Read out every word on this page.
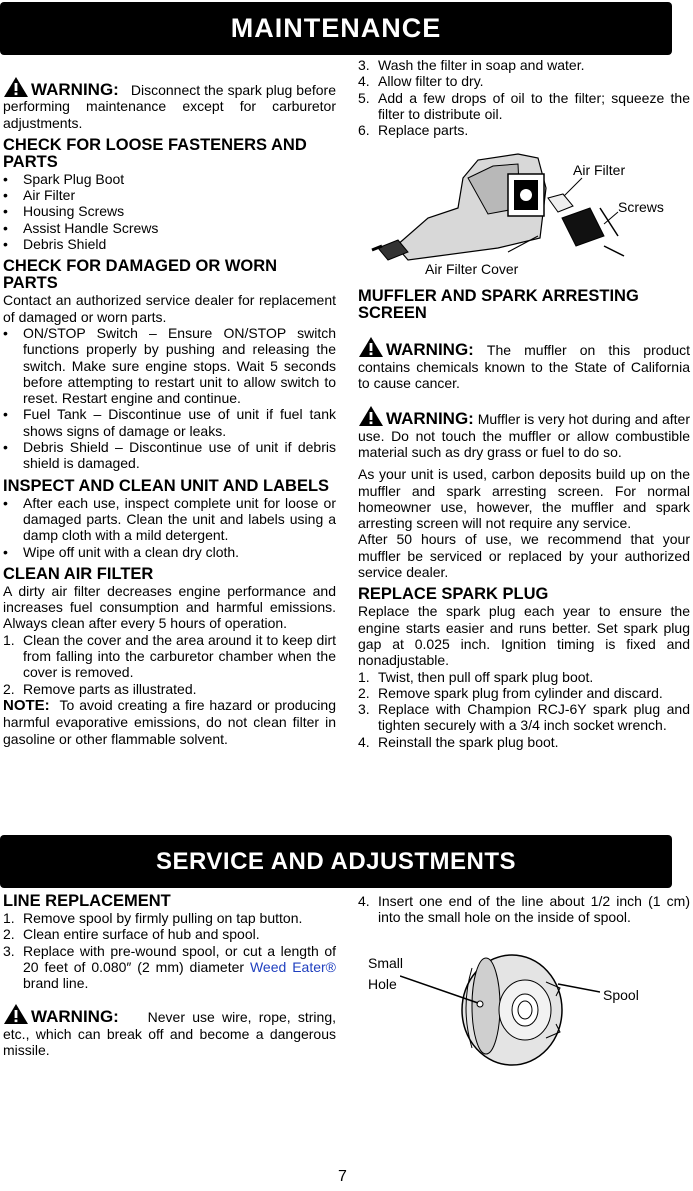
MAINTENANCE

WARNING: Disconnect the spark plug before performing maintenance except for carburetor adjustments.

CHECK FOR LOOSE FASTENERS AND PARTS
• Spark Plug Boot
• Air Filter
• Housing Screws
• Assist Handle Screws
• Debris Shield
CHECK FOR DAMAGED OR WORN PARTS

Contact an authorized service dealer for replacement of damaged or worn parts.

• ON/STOP Switch – Ensure ON/STOP switch functions properly by pushing and releasing the switch. Make sure engine stops. Wait 5 seconds before attempting to restart unit to allow switch to reset. Restart engine and continue.
• Fuel Tank – Discontinue use of unit if fuel tank shows signs of damage or leaks.
• Debris Shield – Discontinue use of unit if debris shield is damaged.
INSPECT AND CLEAN UNIT AND LABELS
• After each use, inspect complete unit for loose or damaged parts. Clean the unit and labels using a damp cloth with a mild detergent.
• Wipe off unit with a clean dry cloth.
CLEAN AIR FILTER

A dirty air filter decreases engine performance and increases fuel consumption and harmful emissions. Always clean after every 5 hours of operation.

1. Clean the cover and the area around it to keep dirt from falling into the carburetor chamber when the cover is removed.
2. Remove parts as illustrated.

NOTE: To avoid creating a fire hazard or producing harmful evaporative emissions, do not clean filter in gasoline or other flammable solvent.

3. Wash the filter in soap and water.
4. Allow filter to dry.
5. Add a few drops of oil to the filter; squeeze the filter to distribute oil.
6. Replace parts.
MUFFLER AND SPARK ARRESTING SCREEN

WARNING: The muffler on this product contains chemicals known to the State of California to cause cancer.

WARNING: Muffler is very hot during and after use. Do not touch the muffler or allow combustible material such as dry grass or fuel to do so.

As your unit is used, carbon deposits build up on the muffler and spark arresting screen. For normal homeowner use, however, the muffler and spark arresting screen will not require any service.

After 50 hours of use, we recommend that your muffler be serviced or replaced by your authorized service dealer.

REPLACE SPARK PLUG

Replace the spark plug each year to ensure the engine starts easier and runs better. Set spark plug gap at 0.025 inch. Ignition timing is fixed and nonadjustable.

1. Twist, then pull off spark plug boot.
2. Remove spark plug from cylinder and discard.
3. Replace with Champion RCJ-6Y spark plug and tighten securely with a 3/4 inch socket wrench.
4. Reinstall the spark plug boot.
Air Filter
Screws
Air Filter Cover
SERVICE AND ADJUSTMENTS
LINE REPLACEMENT
1. Remove spool by firmly pulling on tap button.
2. Clean entire surface of hub and spool.
3. Replace with pre-wound spool, or cut a length of 20 feet of 0.080″ (2 mm) diameter Weed Eater® brand line.

WARNING: Never use wire, rope, string, etc., which can break off and become a dangerous missile.

4. Insert one end of the line about 1/2 inch (1 cm) into the small hole on the inside of spool.
Small
Hole
Spool
7
